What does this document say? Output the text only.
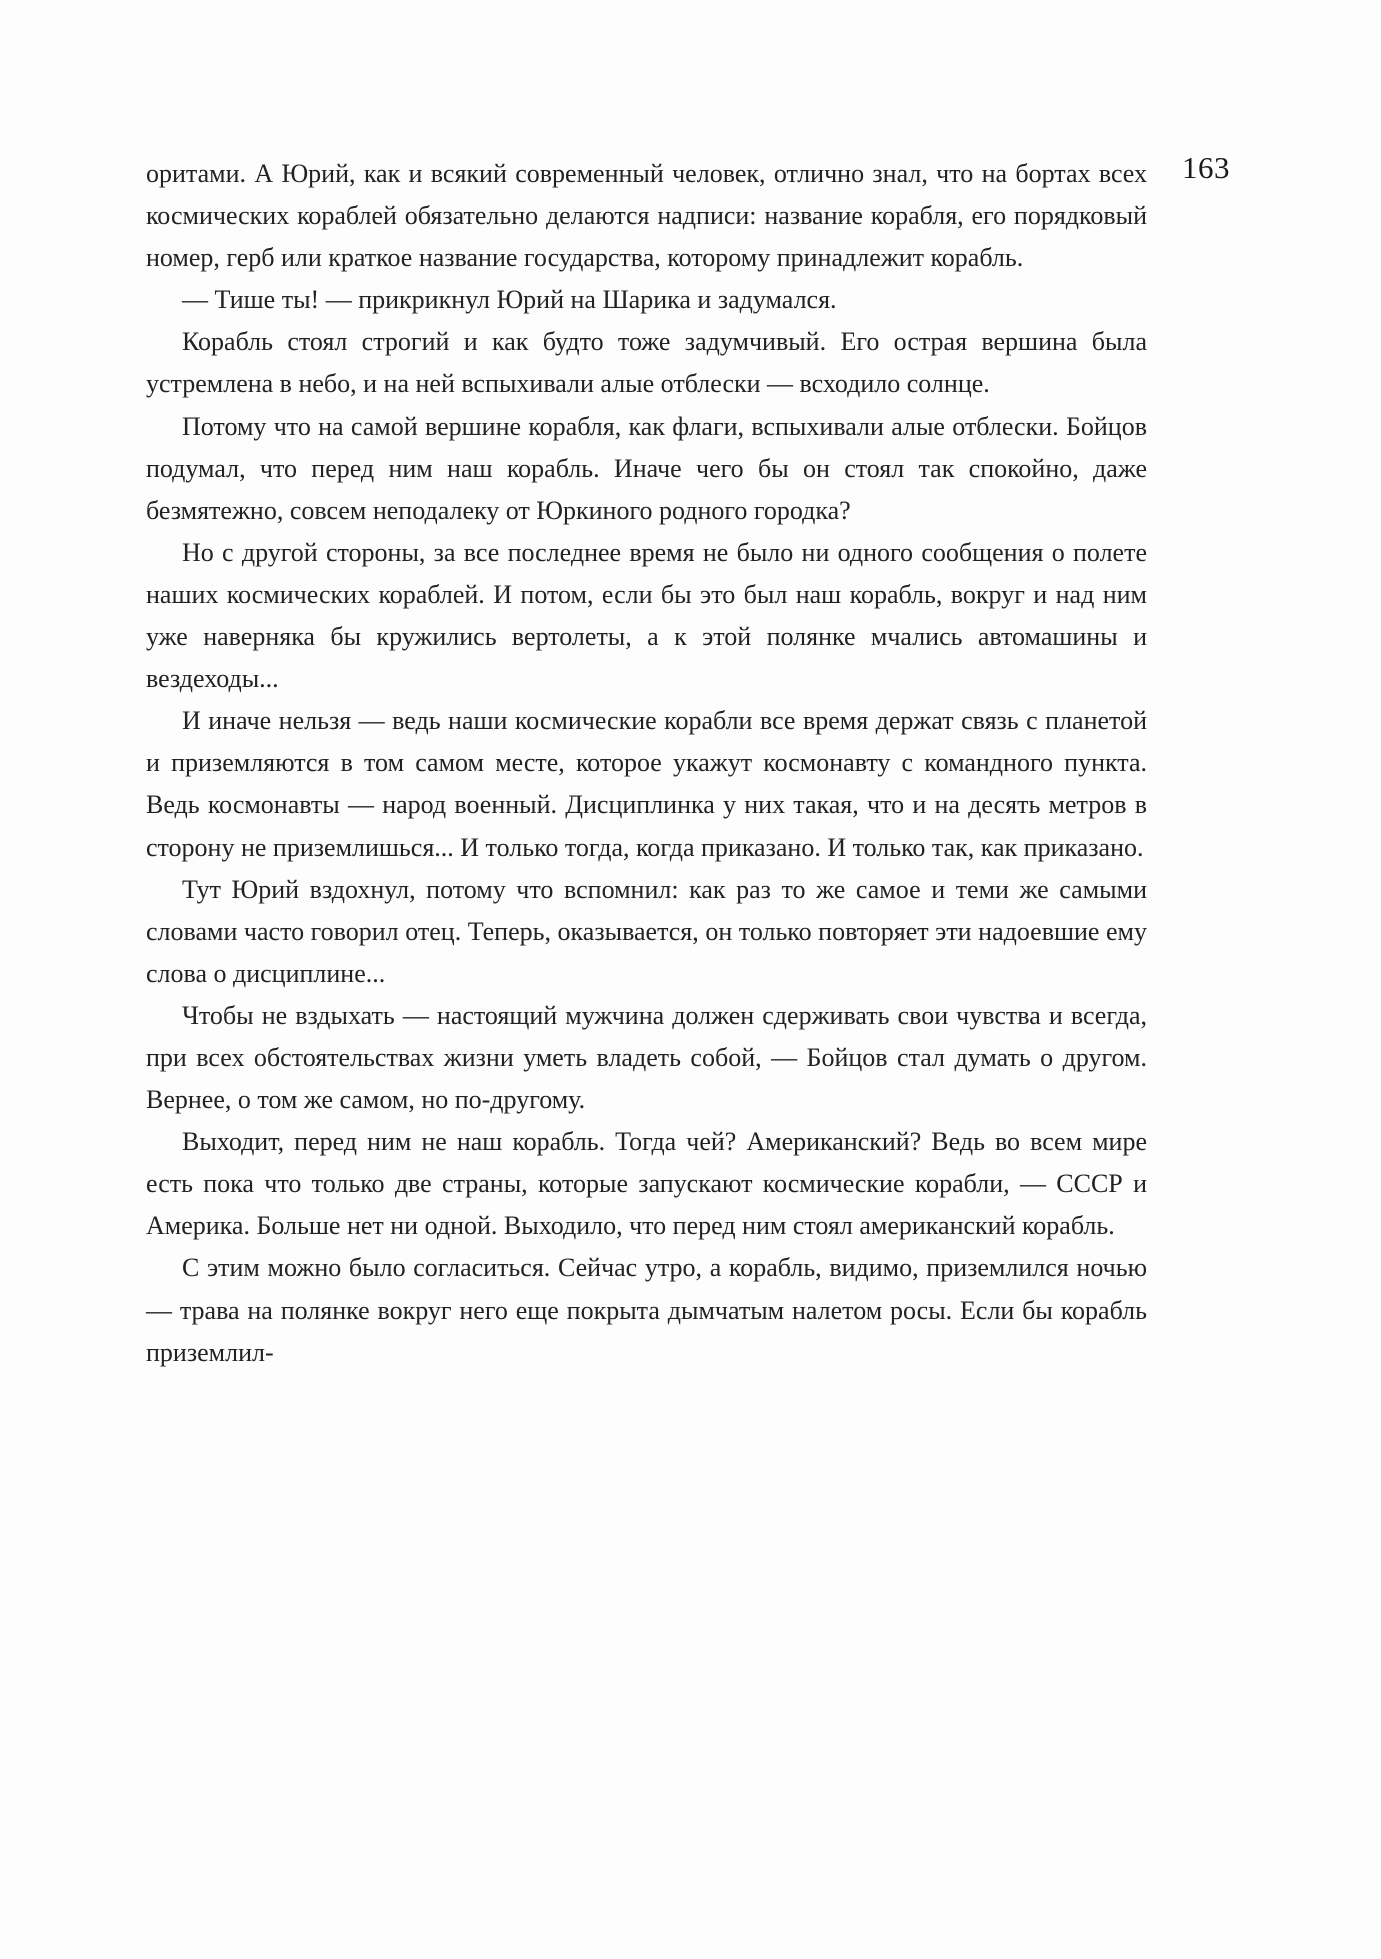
163

оритами. А Юрий, как и всякий современный человек, отлично знал, что на бортах всех космических кораблей обязательно делаются надписи: название корабля, его порядковый номер, герб или краткое название государства, которому принадлежит корабль.

— Тише ты! — прикрикнул Юрий на Шарика и задумался.

Корабль стоял строгий и как будто тоже задумчивый. Его острая вершина была устремлена в небо, и на ней вспыхивали алые отблески — всходило солнце.

Потому что на самой вершине корабля, как флаги, вспыхивали алые отблески. Бойцов подумал, что перед ним наш корабль. Иначе чего бы он стоял так спокойно, даже безмятежно, совсем неподалеку от Юркиного родного городка?

Но с другой стороны, за все последнее время не было ни одного сообщения о полете наших космических кораблей. И потом, если бы это был наш корабль, вокруг и над ним уже наверняка бы кружились вертолеты, а к этой полянке мчались автомашины и вездеходы...

И иначе нельзя — ведь наши космические корабли все время держат связь с планетой и приземляются в том самом месте, которое укажут космонавту с командного пункта. Ведь космонавты — народ военный. Дисциплинка у них такая, что и на десять метров в сторону не приземлишься... И только тогда, когда приказано. И только так, как приказано.

Тут Юрий вздохнул, потому что вспомнил: как раз то же самое и теми же самыми словами часто говорил отец. Теперь, оказывается, он только повторяет эти надоевшие ему слова о дисциплине...

Чтобы не вздыхать — настоящий мужчина должен сдерживать свои чувства и всегда, при всех обстоятельствах жизни уметь владеть собой, — Бойцов стал думать о другом. Вернее, о том же самом, но по-другому.

Выходит, перед ним не наш корабль. Тогда чей? Американский? Ведь во всем мире есть пока что только две страны, которые запускают космические корабли, — СССР и Америка. Больше нет ни одной. Выходило, что перед ним стоял американский корабль.

С этим можно было согласиться. Сейчас утро, а корабль, видимо, приземлился ночью — трава на полянке вокруг него еще покрыта дымчатым налетом росы. Если бы корабль приземлил-
